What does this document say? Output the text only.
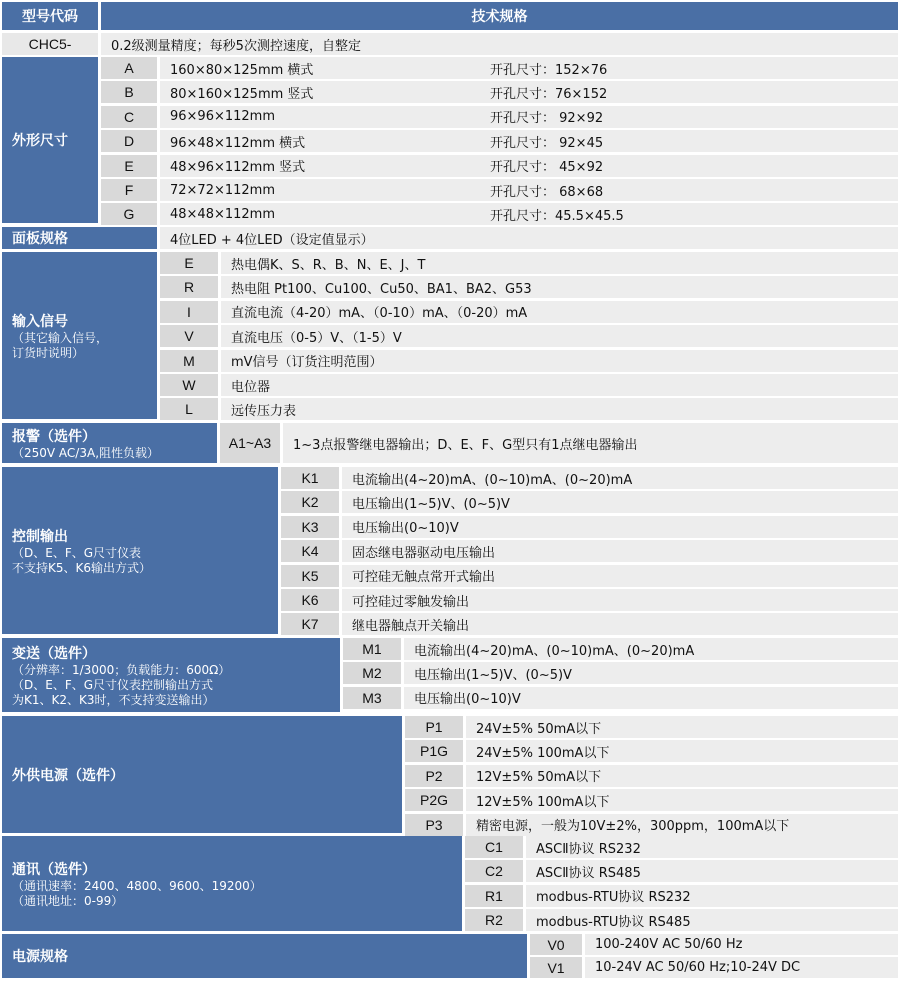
型号代码	技术规格
CHC5-	0.2级测量精度；每秒5次测控速度，自整定
外形尺寸
A	160×80×125mm 横式	开孔尺寸：152×76
B	80×160×125mm 竖式	开孔尺寸：76×152
C	96×96×112mm	开孔尺寸： 92×92
D	96×48×112mm 横式	开孔尺寸： 92×45
E	48×96×112mm 竖式	开孔尺寸： 45×92
F	72×72×112mm	开孔尺寸： 68×68
G	48×48×112mm	开孔尺寸：45.5×45.5
面板规格	4位LED + 4位LED（设定值显示）
输入信号
（其它输入信号，
订货时说明）
E	热电偶K、S、R、B、N、E、J、T
R	热电阻 Pt100、Cu100、Cu50、BA1、BA2、G53
I	直流电流（4-20）mA、（0-10）mA、（0-20）mA
V	直流电压（0-5）V、（1-5）V
M	mV信号（订货注明范围）
W	电位器
L	远传压力表
报警（选件）
（250V AC/3A,阻性负载）
A1~A3	1~3点报警继电器输出；D、E、F、G型只有1点继电器输出
控制输出
（D、E、F、G尺寸仪表
不支持K5、K6输出方式）
K1	电流输出(4~20)mA、(0~10)mA、(0~20)mA
K2	电压输出(1~5)V、(0~5)V
K3	电压输出(0~10)V
K4	固态继电器驱动电压输出
K5	可控硅无触点常开式输出
K6	可控硅过零触发输出
K7	继电器触点开关输出
变送（选件）
（分辨率：1/3000；负载能力：600Ω）
（D、E、F、G尺寸仪表控制输出方式
为K1、K2、K3时，不支持变送输出）
M1	电流输出(4~20)mA、(0~10)mA、(0~20)mA
M2	电压输出(1~5)V、(0~5)V
M3	电压输出(0~10)V
外供电源（选件）
P1	24V±5% 50mA以下
P1G	24V±5% 100mA以下
P2	12V±5% 50mA以下
P2G	12V±5% 100mA以下
P3	精密电源，一般为10V±2%，300ppm，100mA以下
通讯（选件）
（通讯速率：2400、4800、9600、19200）
（通讯地址：0-99）
C1	ASCⅡ协议 RS232
C2	ASCⅡ协议 RS485
R1	modbus-RTU协议 RS232
R2	modbus-RTU协议 RS485
电源规格
V0	100-240V AC 50/60 Hz
V1	10-24V AC 50/60 Hz;10-24V DC
